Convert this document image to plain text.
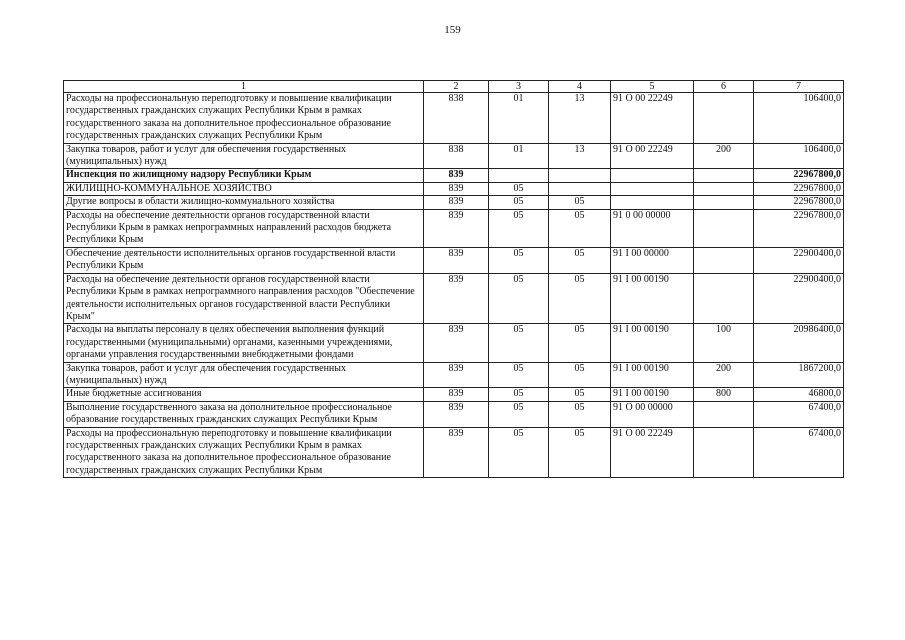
159
1	2	3	4	5	6	7
Расходы на профессиональную переподготовку и повышение квалификации государственных гражданских служащих Республики Крым в рамках государственного заказа на дополнительное профессиональное образование государственных гражданских служащих Республики Крым	838	01	13	91 О 00 22249		106400,0
Закупка товаров, работ и услуг для обеспечения государственных (муниципальных) нужд	838	01	13	91 О 00 22249	200	106400,0
Инспекция по жилищному надзору Республики Крым	839					22967800,0
ЖИЛИЩНО-КОММУНАЛЬНОЕ ХОЗЯЙСТВО	839	05				22967800,0
Другие вопросы в области жилищно-коммунального хозяйства	839	05	05			22967800,0
Расходы на обеспечение деятельности органов государственной власти Республики Крым в рамках непрограммных направлений расходов бюджета Республики Крым	839	05	05	91 0 00 00000		22967800,0
Обеспечение деятельности исполнительных органов государственной власти Республики Крым	839	05	05	91 I 00 00000		22900400,0
Расходы на обеспечение деятельности органов государственной власти Республики Крым в рамках непрограммного направления расходов "Обеспечение деятельности исполнительных органов государственной власти Республики Крым"	839	05	05	91 I 00 00190		22900400,0
Расходы на выплаты персоналу в целях обеспечения выполнения функций государственными (муниципальными) органами, казенными учреждениями, органами управления государственными внебюджетными фондами	839	05	05	91 I 00 00190	100	20986400,0
Закупка товаров, работ и услуг для обеспечения государственных (муниципальных) нужд	839	05	05	91 I 00 00190	200	1867200,0
Иные бюджетные ассигнования	839	05	05	91 I 00 00190	800	46800,0
Выполнение государственного заказа на дополнительное профессиональное образование государственных гражданских служащих Республики Крым	839	05	05	91 О 00 00000		67400,0
Расходы на профессиональную переподготовку и повышение квалификации государственных гражданских служащих Республики Крым в рамках государственного заказа на дополнительное профессиональное образование государственных гражданских служащих Республики Крым	839	05	05	91 О 00 22249		67400,0
